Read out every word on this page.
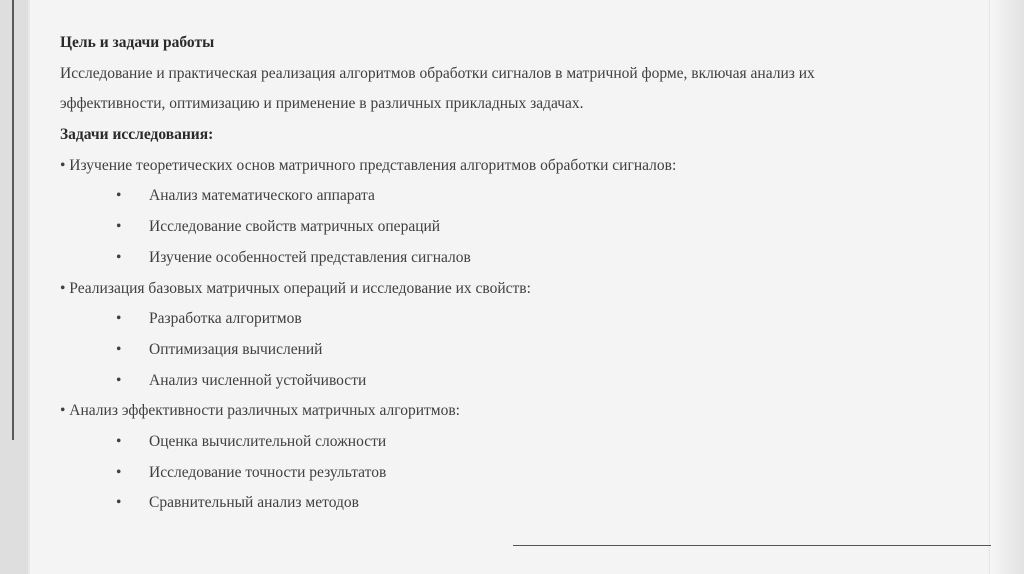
Цель и задачи работы
Исследование и практическая реализация алгоритмов обработки сигналов в матричной форме, включая анализ их
эффективности, оптимизацию и применение в различных прикладных задачах.
Задачи исследования:
• Изучение теоретических основ матричного представления алгоритмов обработки сигналов:
• Анализ математического аппарата
• Исследование свойств матричных операций
• Изучение особенностей представления сигналов
• Реализация базовых матричных операций и исследование их свойств:
• Разработка алгоритмов
• Оптимизация вычислений
• Анализ численной устойчивости
• Анализ эффективности различных матричных алгоритмов:
• Оценка вычислительной сложности
• Исследование точности результатов
• Сравнительный анализ методов
